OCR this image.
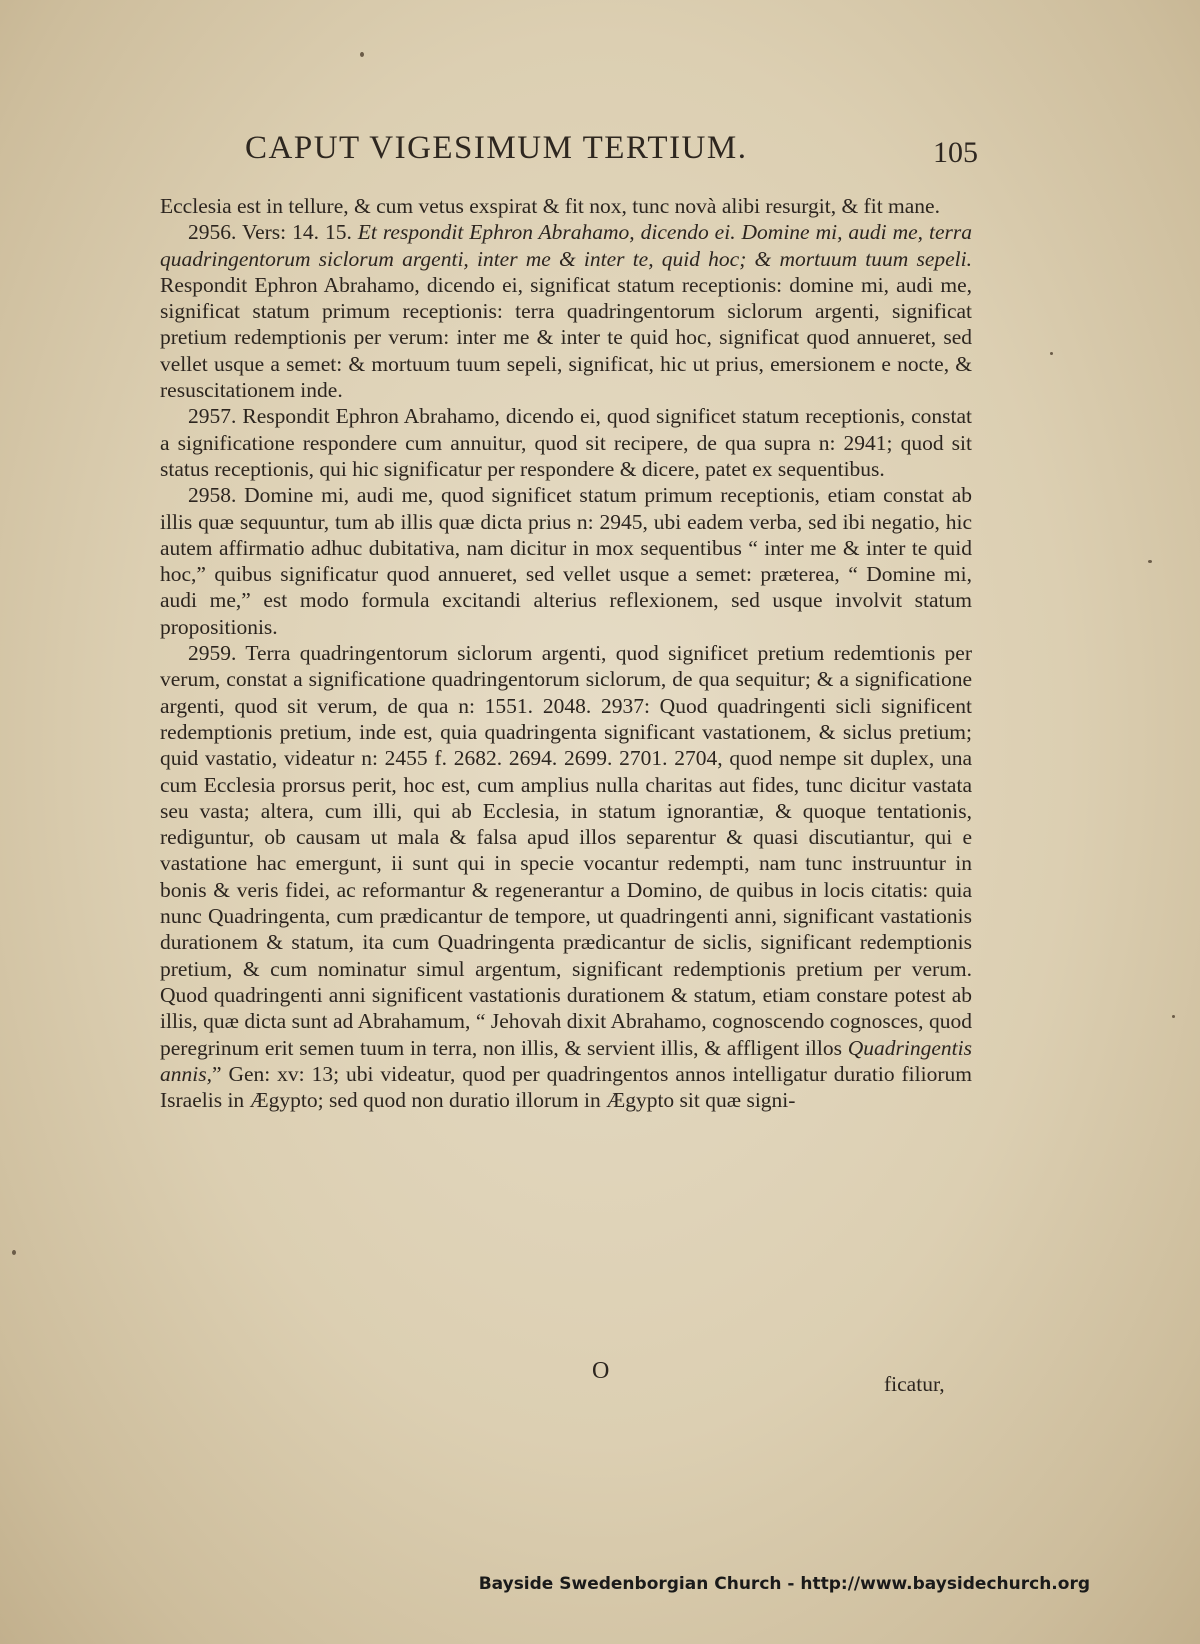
CAPUT VIGESIMUM TERTIUM.	105

Ecclesia est in tellure, & cum vetus exspirat & fit nox, tunc novà alibi resurgit, & fit mane.

2956. Vers: 14. 15. Et respondit Ephron Abrahamo, dicendo ei. Domine mi, audi me, terra quadringentorum siclorum argenti, inter me & inter te, quid hoc; & mortuum tuum sepeli. Respondit Ephron Abrahamo, dicendo ei, significat statum receptionis: domine mi, audi me, significat statum primum receptionis: terra quadringentorum siclorum argenti, significat pretium redemptionis per verum: inter me & inter te quid hoc, significat quod annueret, sed vellet usque a semet: & mortuum tuum sepeli, significat, hic ut prius, emersionem e nocte, & resuscitationem inde.

2957. Respondit Ephron Abrahamo, dicendo ei, quod significet statum receptionis, constat a significatione respondere cum annuitur, quod sit recipere, de qua supra n: 2941; quod sit status receptionis, qui hic significatur per respondere & dicere, patet ex sequentibus.

2958. Domine mi, audi me, quod significet statum primum receptionis, etiam constat ab illis quæ sequuntur, tum ab illis quæ dicta prius n: 2945, ubi eadem verba, sed ibi negatio, hic autem affirmatio adhuc dubitativa, nam dicitur in mox sequentibus “ inter me & inter te quid hoc,” quibus significatur quod annueret, sed vellet usque a semet: præterea, “ Domine mi, audi me,” est modo formula excitandi alterius reflexionem, sed usque involvit statum propositionis.

2959. Terra quadringentorum siclorum argenti, quod significet pretium redemtionis per verum, constat a significatione quadringentorum siclorum, de qua sequitur; & a significatione argenti, quod sit verum, de qua n: 1551. 2048. 2937: Quod quadringenti sicli significent redemptionis pretium, inde est, quia quadringenta significant vastationem, & siclus pretium; quid vastatio, videatur n: 2455 f. 2682. 2694. 2699. 2701. 2704, quod nempe sit duplex, una cum Ecclesia prorsus perit, hoc est, cum amplius nulla charitas aut fides, tunc dicitur vastata seu vasta; altera, cum illi, qui ab Ecclesia, in statum ignorantiæ, & quoque tentationis, rediguntur, ob causam ut mala & falsa apud illos separentur & quasi discutiantur, qui e vastatione hac emergunt, ii sunt qui in specie vocantur redempti, nam tunc instruuntur in bonis & veris fidei, ac reformantur & regenerantur a Domino, de quibus in locis citatis: quia nunc Quadringenta, cum prædicantur de tempore, ut quadringenti anni, significant vastationis durationem & statum, ita cum Quadringenta prædicantur de siclis, significant redemptionis pretium, & cum nominatur simul argentum, significant redemptionis pretium per verum. Quod quadringenti anni significent vastationis durationem & statum, etiam constare potest ab illis, quæ dicta sunt ad Abrahamum, “ Jehovah dixit Abrahamo, cognoscendo cognosces, quod peregrinum erit semen tuum in terra, non illis, & servient illis, & affligent illos Quadringentis annis,” Gen: xv: 13; ubi videatur, quod per quadringentos annos intelligatur duratio filiorum Israelis in Ægypto; sed quod non duratio illorum in Ægypto sit quæ signi-

O	ficatur,
Bayside Swedenborgian Church - http://www.baysidechurch.org
